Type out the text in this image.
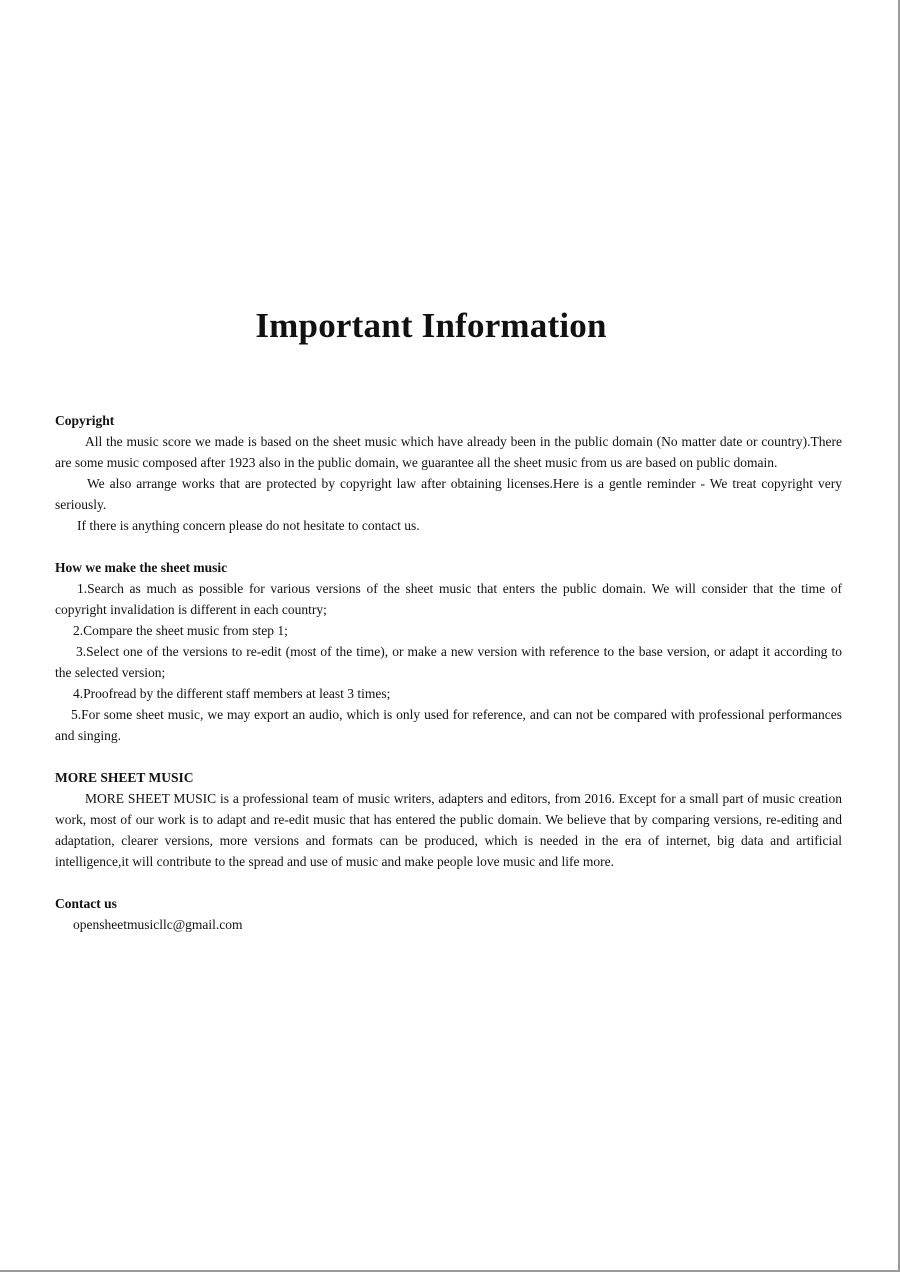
Important Information

Copyright

All the music score we made is based on the sheet music which have already been in the public domain (No matter date or country).There are some music composed after 1923 also in the public domain, we guarantee all the sheet music from us are based on public domain.

We also arrange works that are protected by copyright law after obtaining licenses.Here is a gentle reminder - We treat copyright very seriously.

If there is anything concern please do not hesitate to contact us.

How we make the sheet music

1.Search as much as possible for various versions of the sheet music that enters the public domain. We will consider that the time of copyright invalidation is different in each country;

2.Compare the sheet music from step 1;

3.Select one of the versions to re-edit (most of the time), or make a new version with reference to the base version, or adapt it according to the selected version;

4.Proofread by the different staff members at least 3 times;

5.For some sheet music, we may export an audio, which is only used for reference, and can not be compared with professional performances and singing.

MORE SHEET MUSIC

MORE SHEET MUSIC is a professional team of music writers, adapters and editors, from 2016. Except for a small part of music creation work, most of our work is to adapt and re-edit music that has entered the public domain. We believe that by comparing versions, re-editing and adaptation, clearer versions, more versions and formats can be produced, which is needed in the era of internet, big data and artificial intelligence,it will contribute to the spread and use of music and make people love music and life more.

Contact us

opensheetmusicllc@gmail.com
